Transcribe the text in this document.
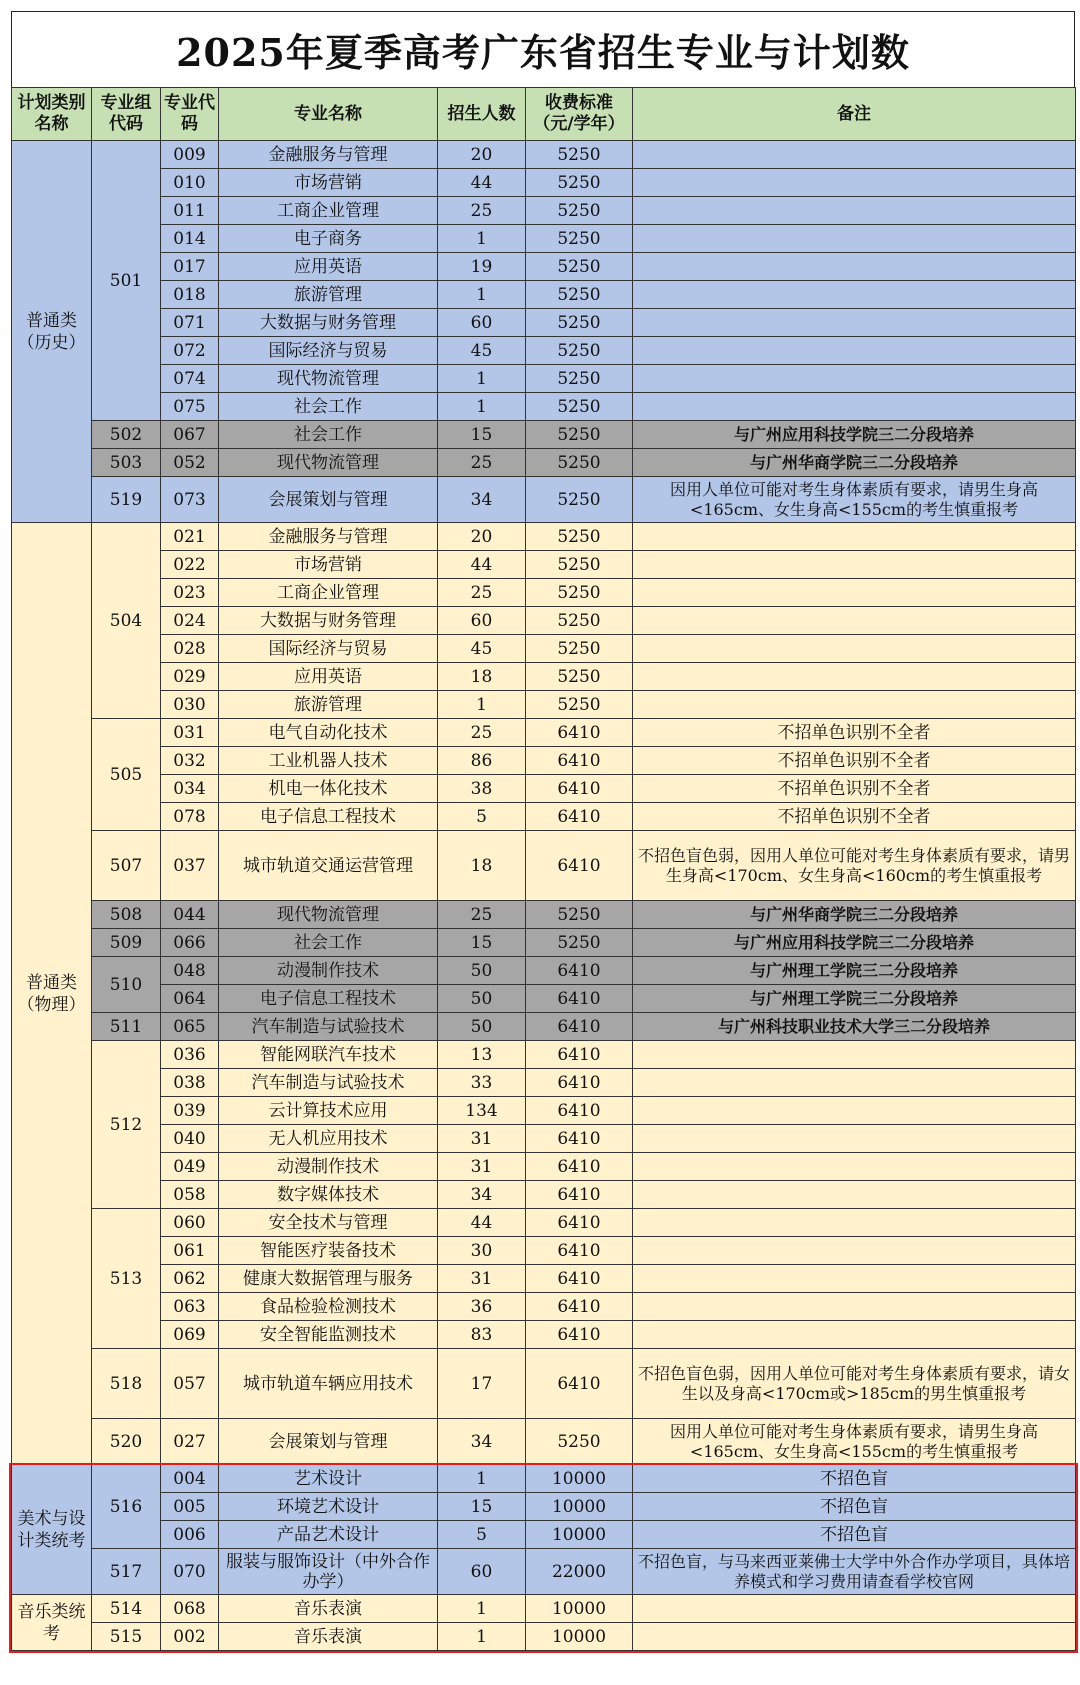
2025年夏季高考广东省招生专业与计划数
计划类别名称	专业组代码	专业代码	专业名称	招生人数	收费标准（元/学年）	备注
普通类（历史）	501	009	金融服务与管理	20	5250	
		010	市场营销	44	5250	
		011	工商企业管理	25	5250	
		014	电子商务	1	5250	
		017	应用英语	19	5250	
		018	旅游管理	1	5250	
		071	大数据与财务管理	60	5250	
		072	国际经济与贸易	45	5250	
		074	现代物流管理	1	5250	
		075	社会工作	1	5250	
	502	067	社会工作	15	5250	与广州应用科技学院三二分段培养
	503	052	现代物流管理	25	5250	与广州华商学院三二分段培养
	519	073	会展策划与管理	34	5250	因用人单位可能对考生身体素质有要求，请男生身高<165cm、女生身高<155cm的考生慎重报考
普通类（物理）	504	021	金融服务与管理	20	5250	
		022	市场营销	44	5250	
		023	工商企业管理	25	5250	
		024	大数据与财务管理	60	5250	
		028	国际经济与贸易	45	5250	
		029	应用英语	18	5250	
		030	旅游管理	1	5250	
	505	031	电气自动化技术	25	6410	不招单色识别不全者
		032	工业机器人技术	86	6410	不招单色识别不全者
		034	机电一体化技术	38	6410	不招单色识别不全者
		078	电子信息工程技术	5	6410	不招单色识别不全者
	507	037	城市轨道交通运营管理	18	6410	不招色盲色弱，因用人单位可能对考生身体素质有要求，请男生身高<170cm、女生身高<160cm的考生慎重报考
	508	044	现代物流管理	25	5250	与广州华商学院三二分段培养
	509	066	社会工作	15	5250	与广州应用科技学院三二分段培养
	510	048	动漫制作技术	50	6410	与广州理工学院三二分段培养
		064	电子信息工程技术	50	6410	与广州理工学院三二分段培养
	511	065	汽车制造与试验技术	50	6410	与广州科技职业技术大学三二分段培养
	512	036	智能网联汽车技术	13	6410	
		038	汽车制造与试验技术	33	6410	
		039	云计算技术应用	134	6410	
		040	无人机应用技术	31	6410	
		049	动漫制作技术	31	6410	
		058	数字媒体技术	34	6410	
	513	060	安全技术与管理	44	6410	
		061	智能医疗装备技术	30	6410	
		062	健康大数据管理与服务	31	6410	
		063	食品检验检测技术	36	6410	
		069	安全智能监测技术	83	6410	
	518	057	城市轨道车辆应用技术	17	6410	不招色盲色弱，因用人单位可能对考生身体素质有要求，请女生以及身高<170cm或>185cm的男生慎重报考
	520	027	会展策划与管理	34	5250	因用人单位可能对考生身体素质有要求，请男生身高<165cm、女生身高<155cm的考生慎重报考
美术与设计类统考	516	004	艺术设计	1	10000	不招色盲
		005	环境艺术设计	15	10000	不招色盲
		006	产品艺术设计	5	10000	不招色盲
	517	070	服装与服饰设计（中外合作办学）	60	22000	不招色盲，与马来西亚莱佛士大学中外合作办学项目，具体培养模式和学习费用请查看学校官网
音乐类统考	514	068	音乐表演	1	10000	
	515	002	音乐表演	1	10000	
